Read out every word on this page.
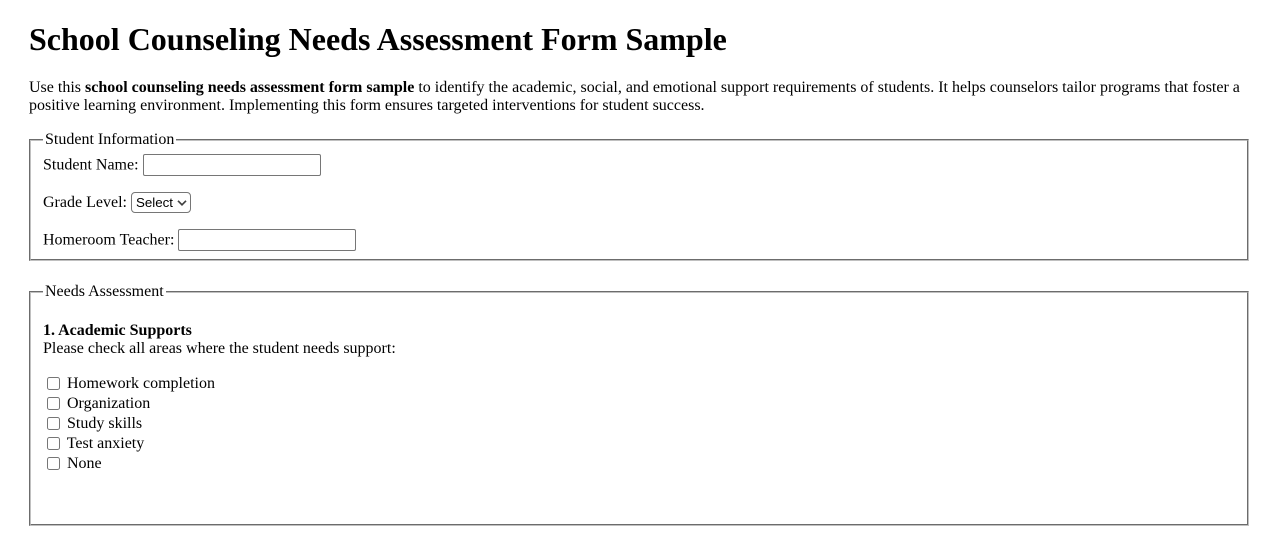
School Counseling Needs Assessment Form Sample

Use this school counseling needs assessment form sample to identify the academic, social, and emotional support requirements of students. It helps counselors tailor programs that foster a positive learning environment. Implementing this form ensures targeted interventions for student success.

Student Information
Student Name:
Grade Level:
Select
Homeroom Teacher:
Needs Assessment

1. Academic Supports
Please check all areas where the student needs support:

Homework completion
Organization
Study skills
Test anxiety
None
